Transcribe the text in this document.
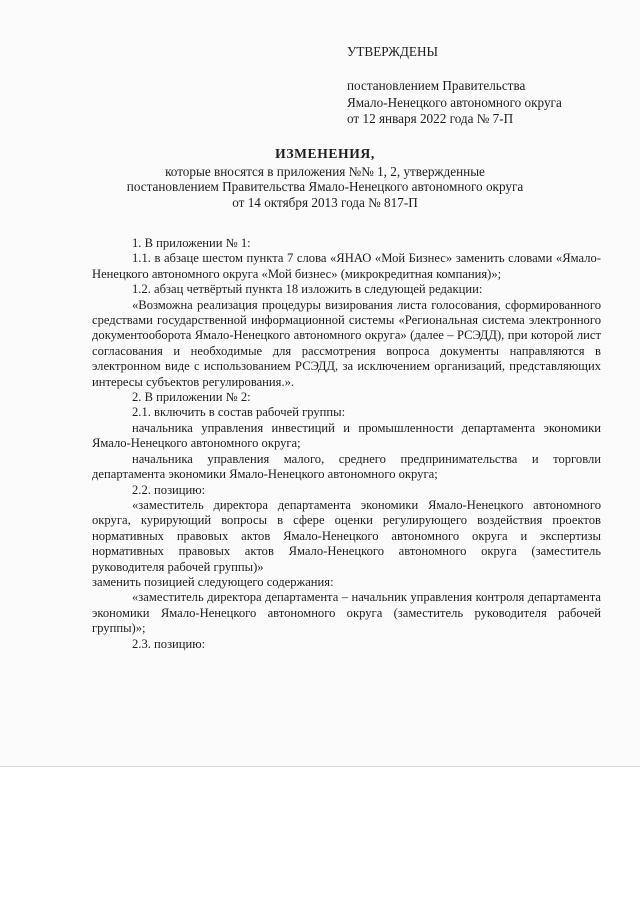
УТВЕРЖДЕНЫ
постановлением Правительства
Ямало-Ненецкого автономного округа
от 12 января 2022 года № 7-П
ИЗМЕНЕНИЯ,
которые вносятся в приложения №№ 1, 2, утвержденные
постановлением Правительства Ямало-Ненецкого автономного округа
от 14 октября 2013 года № 817-П

1. В приложении № 1:

1.1. в абзаце шестом пункта 7 слова «ЯНАО «Мой Бизнес» заменить словами «Ямало-Ненецкого автономного округа «Мой бизнес» (микрокредитная компания)»;

1.2. абзац четвёртый пункта 18 изложить в следующей редакции:

«Возможна реализация процедуры визирования листа голосования, сформированного средствами государственной информационной системы «Региональная система электронного документооборота Ямало-Ненецкого автономного округа» (далее – РСЭДД), при которой лист согласования и необходимые для рассмотрения вопроса документы направляются в электронном виде с использованием РСЭДД, за исключением организаций, представляющих интересы субъектов регулирования.».

2. В приложении № 2:

2.1. включить в состав рабочей группы:

начальника управления инвестиций и промышленности департамента экономики Ямало-Ненецкого автономного округа;

начальника управления малого, среднего предпринимательства и торговли департамента экономики Ямало-Ненецкого автономного округа;

2.2. позицию:

«заместитель директора департамента экономики Ямало-Ненецкого автономного округа, курирующий вопросы в сфере оценки регулирующего воздействия проектов нормативных правовых актов Ямало-Ненецкого автономного округа и экспертизы нормативных правовых актов Ямало-Ненецкого автономного округа (заместитель руководителя рабочей группы)»

заменить позицией следующего содержания:

«заместитель директора департамента – начальник управления контроля департамента экономики Ямало-Ненецкого автономного округа (заместитель руководителя рабочей группы)»;

2.3. позицию:
